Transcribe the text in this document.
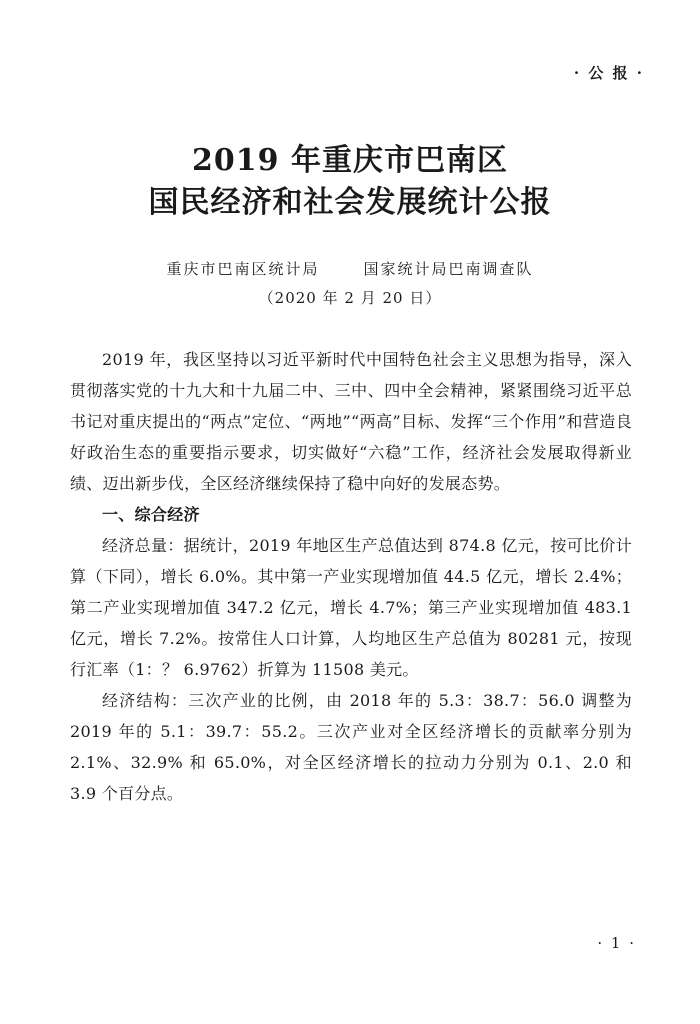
· 公 报 ·
2019 年重庆市巴南区
国民经济和社会发展统计公报
重庆市巴南区统计局	国家统计局巴南调查队
（2020 年 2 月 20 日）

2019 年，我区坚持以习近平新时代中国特色社会主义思想为指导，深入贯彻落实党的十九大和十九届二中、三中、四中全会精神，紧紧围绕习近平总书记对重庆提出的“两点”定位、“两地”“两高”目标、发挥“三个作用”和营造良好政治生态的重要指示要求，切实做好“六稳”工作，经济社会发展取得新业绩、迈出新步伐，全区经济继续保持了稳中向好的发展态势。

一、综合经济

经济总量：据统计，2019 年地区生产总值达到 874.8 亿元，按可比价计算（下同），增长 6.0%。其中第一产业实现增加值 44.5 亿元，增长 2.4%；第二产业实现增加值 347.2 亿元，增长 4.7%；第三产业实现增加值 483.1 亿元，增长 7.2%。按常住人口计算，人均地区生产总值为 80281 元，按现行汇率（1：？ 6.9762）折算为 11508 美元。

经济结构：三次产业的比例，由 2018 年的 5.3：38.7：56.0 调整为 2019 年的 5.1：39.7：55.2。三次产业对全区经济增长的贡献率分别为 2.1%、32.9% 和 65.0%，对全区经济增长的拉动力分别为 0.1、2.0 和 3.9 个百分点。

· 1 ·
